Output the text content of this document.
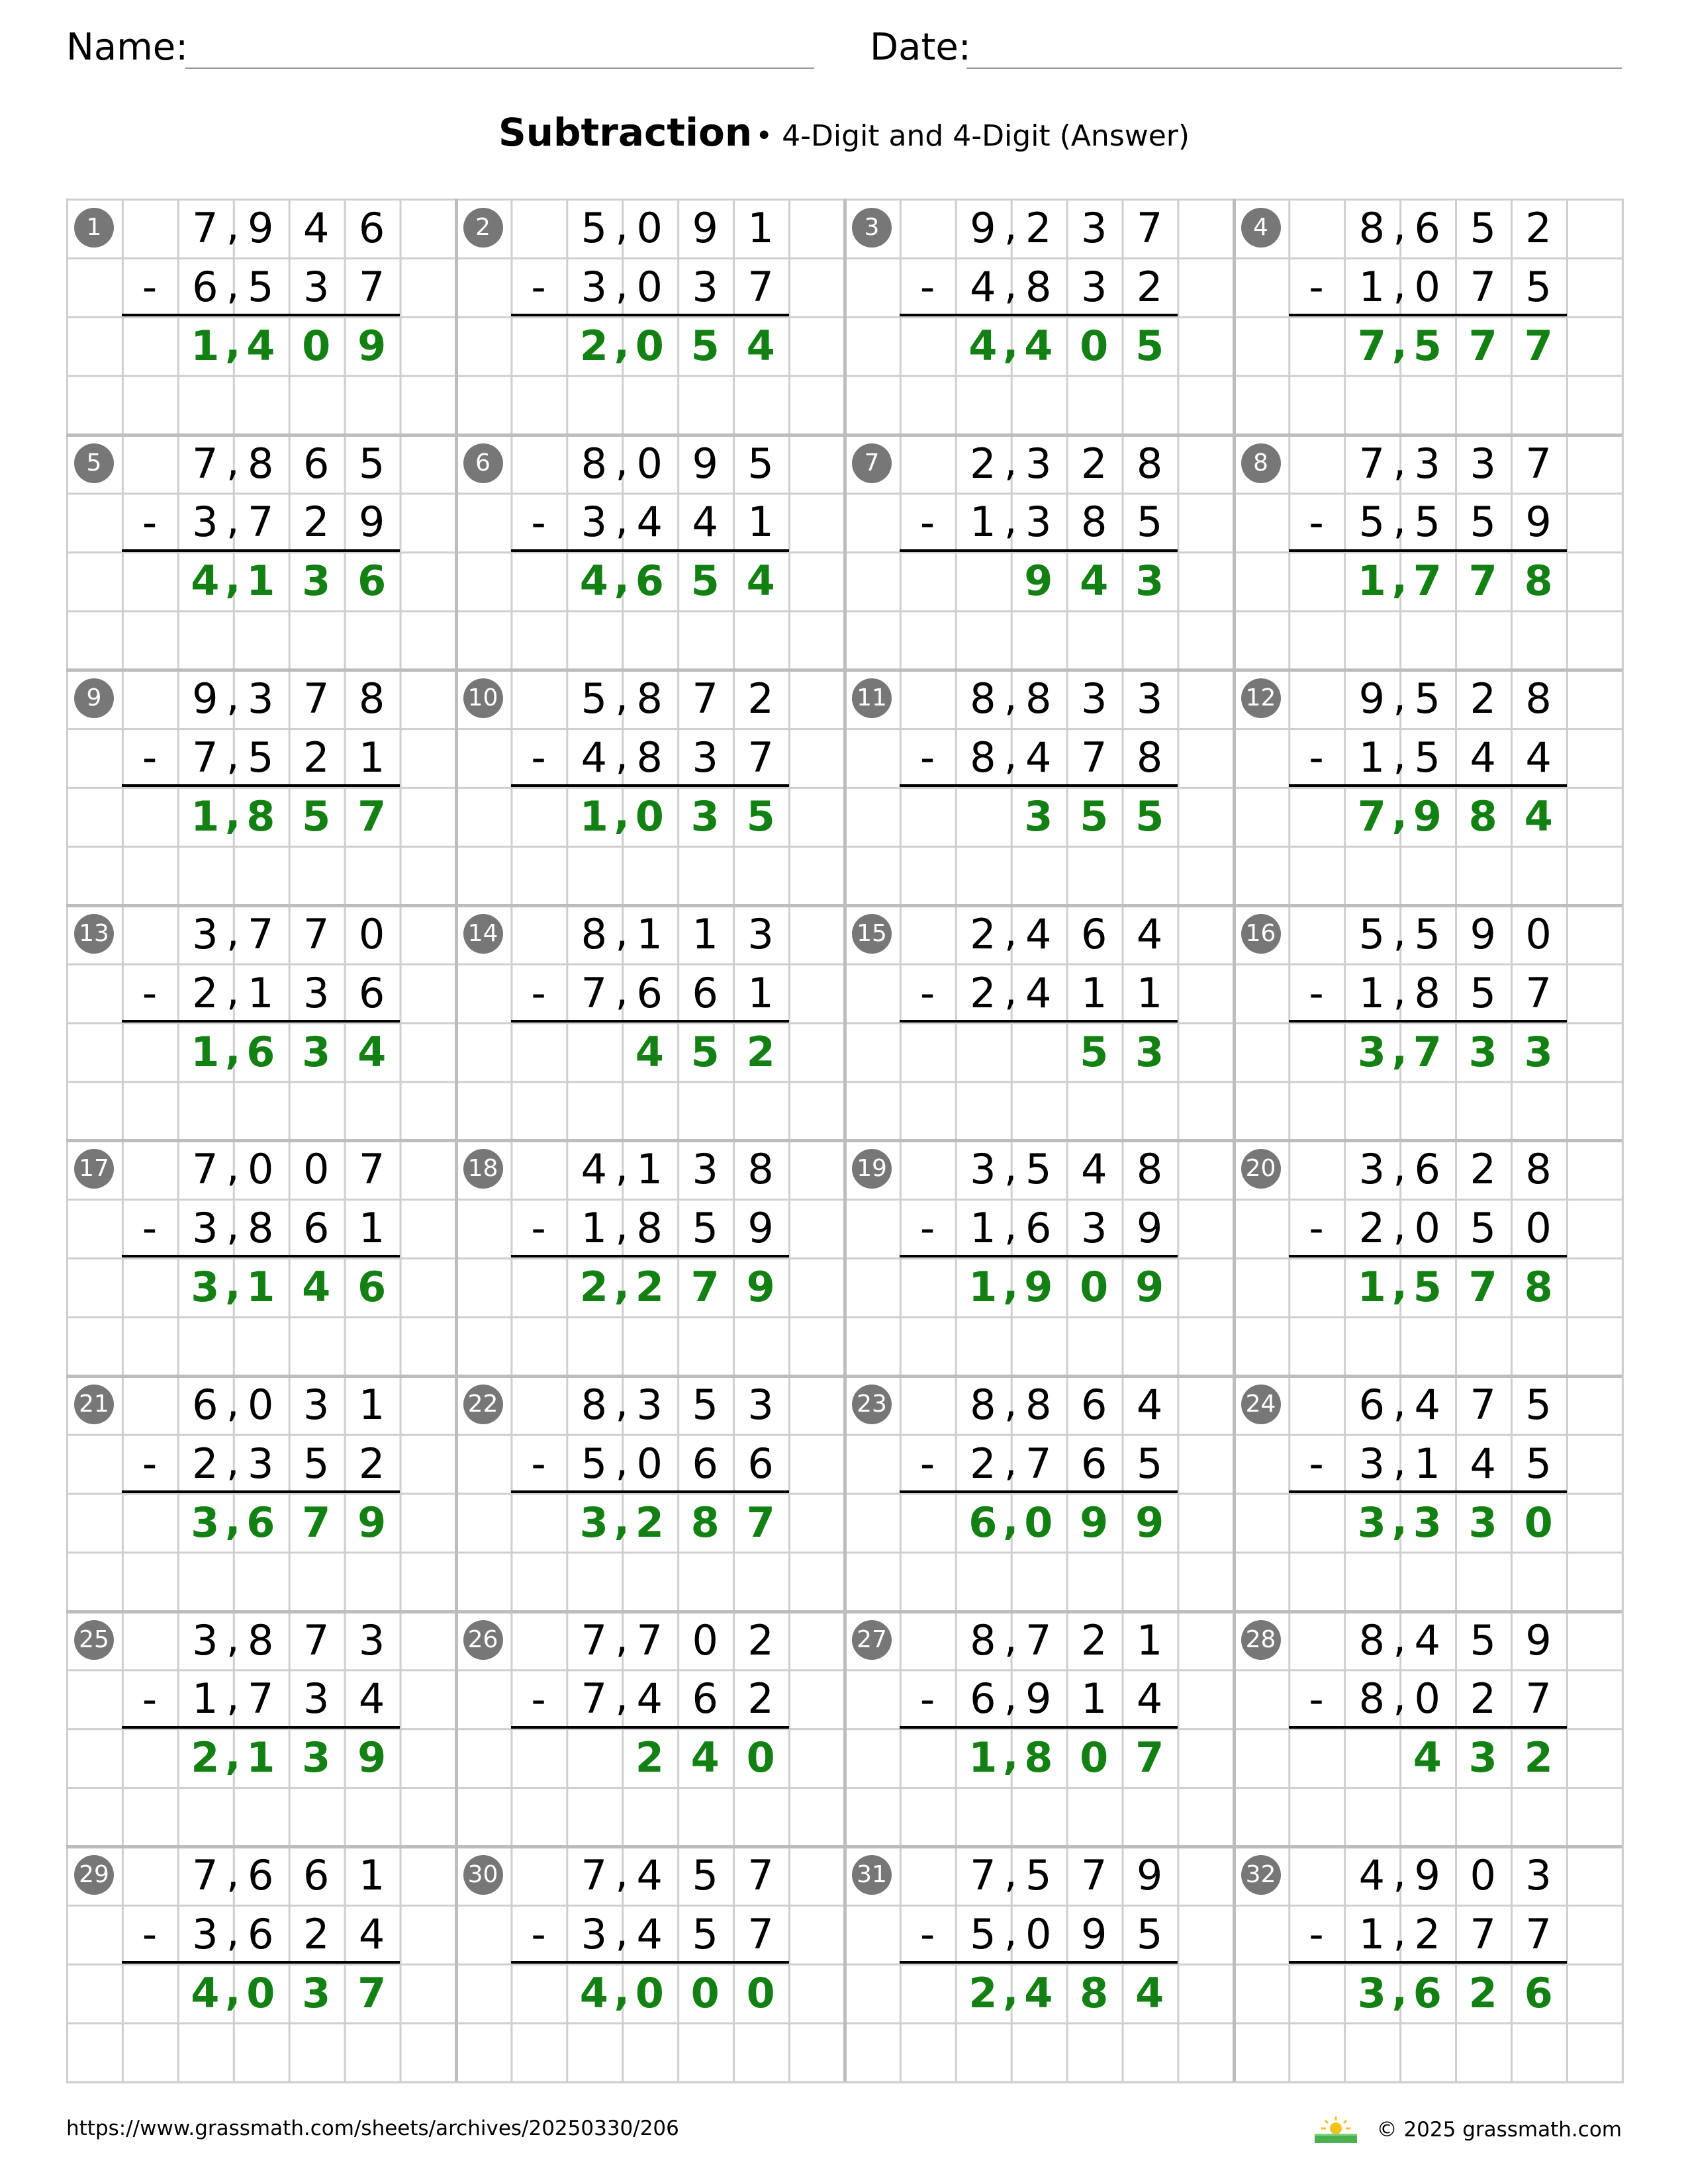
Name:	Date:
Subtraction • 4-Digit and 4-Digit (Answer)
1	7 9 4 6
,
- 6 5 3 7
,
1 4 0 9
,
2	5 0 9 1
,
- 3 0 3 7
,
2 0 5 4
,
3	9 2 3 7
,
- 4 8 3 2
,
4 4 0 5
,
4	8 6 5 2
,
- 1 0 7 5
,
7 5 7 7
,
5	7 8 6 5
,
- 3 7 2 9
,
4 1 3 6
,
6	8 0 9 5
,
- 3 4 4 1
,
4 6 5 4
,
7	2 3 2 8
,
- 1 3 8 5
,
9 4 3
8	7 3 3 7
,
- 5 5 5 9
,
1 7 7 8
,
9	9 3 7 8
,
- 7 5 2 1
,
1 8 5 7
,
10	5 8 7 2
,
- 4 8 3 7
,
1 0 3 5
,
11	8 8 3 3
,
- 8 4 7 8
,
3 5 5
12	9 5 2 8
,
- 1 5 4 4
,
7 9 8 4
,
13	3 7 7 0
,
- 2 1 3 6
,
1 6 3 4
,
14	8 1 1 3
,
- 7 6 6 1
,
4 5 2
15	2 4 6 4
,
- 2 4 1 1
,
5 3
16	5 5 9 0
,
- 1 8 5 7
,
3 7 3 3
,
17	7 0 0 7
,
- 3 8 6 1
,
3 1 4 6
,
18	4 1 3 8
,
- 1 8 5 9
,
2 2 7 9
,
19	3 5 4 8
,
- 1 6 3 9
,
1 9 0 9
,
20	3 6 2 8
,
- 2 0 5 0
,
1 5 7 8
,
21	6 0 3 1
,
- 2 3 5 2
,
3 6 7 9
,
22	8 3 5 3
,
- 5 0 6 6
,
3 2 8 7
,
23	8 8 6 4
,
- 2 7 6 5
,
6 0 9 9
,
24	6 4 7 5
,
- 3 1 4 5
,
3 3 3 0
,
25	3 8 7 3
,
- 1 7 3 4
,
2 1 3 9
,
26	7 7 0 2
,
- 7 4 6 2
,
2 4 0
27	8 7 2 1
,
- 6 9 1 4
,
1 8 0 7
,
28	8 4 5 9
,
- 8 0 2 7
,
4 3 2
29	7 6 6 1
,
- 3 6 2 4
,
4 0 3 7
,
30	7 4 5 7
,
- 3 4 5 7
,
4 0 0 0
,
31	7 5 7 9
,
- 5 0 9 5
,
2 4 8 4
,
32	4 9 0 3
,
- 1 2 7 7
,
3 6 2 6
,
https://www.grassmath.com/sheets/archives/20250330/206	© 2025 grassmath.com
